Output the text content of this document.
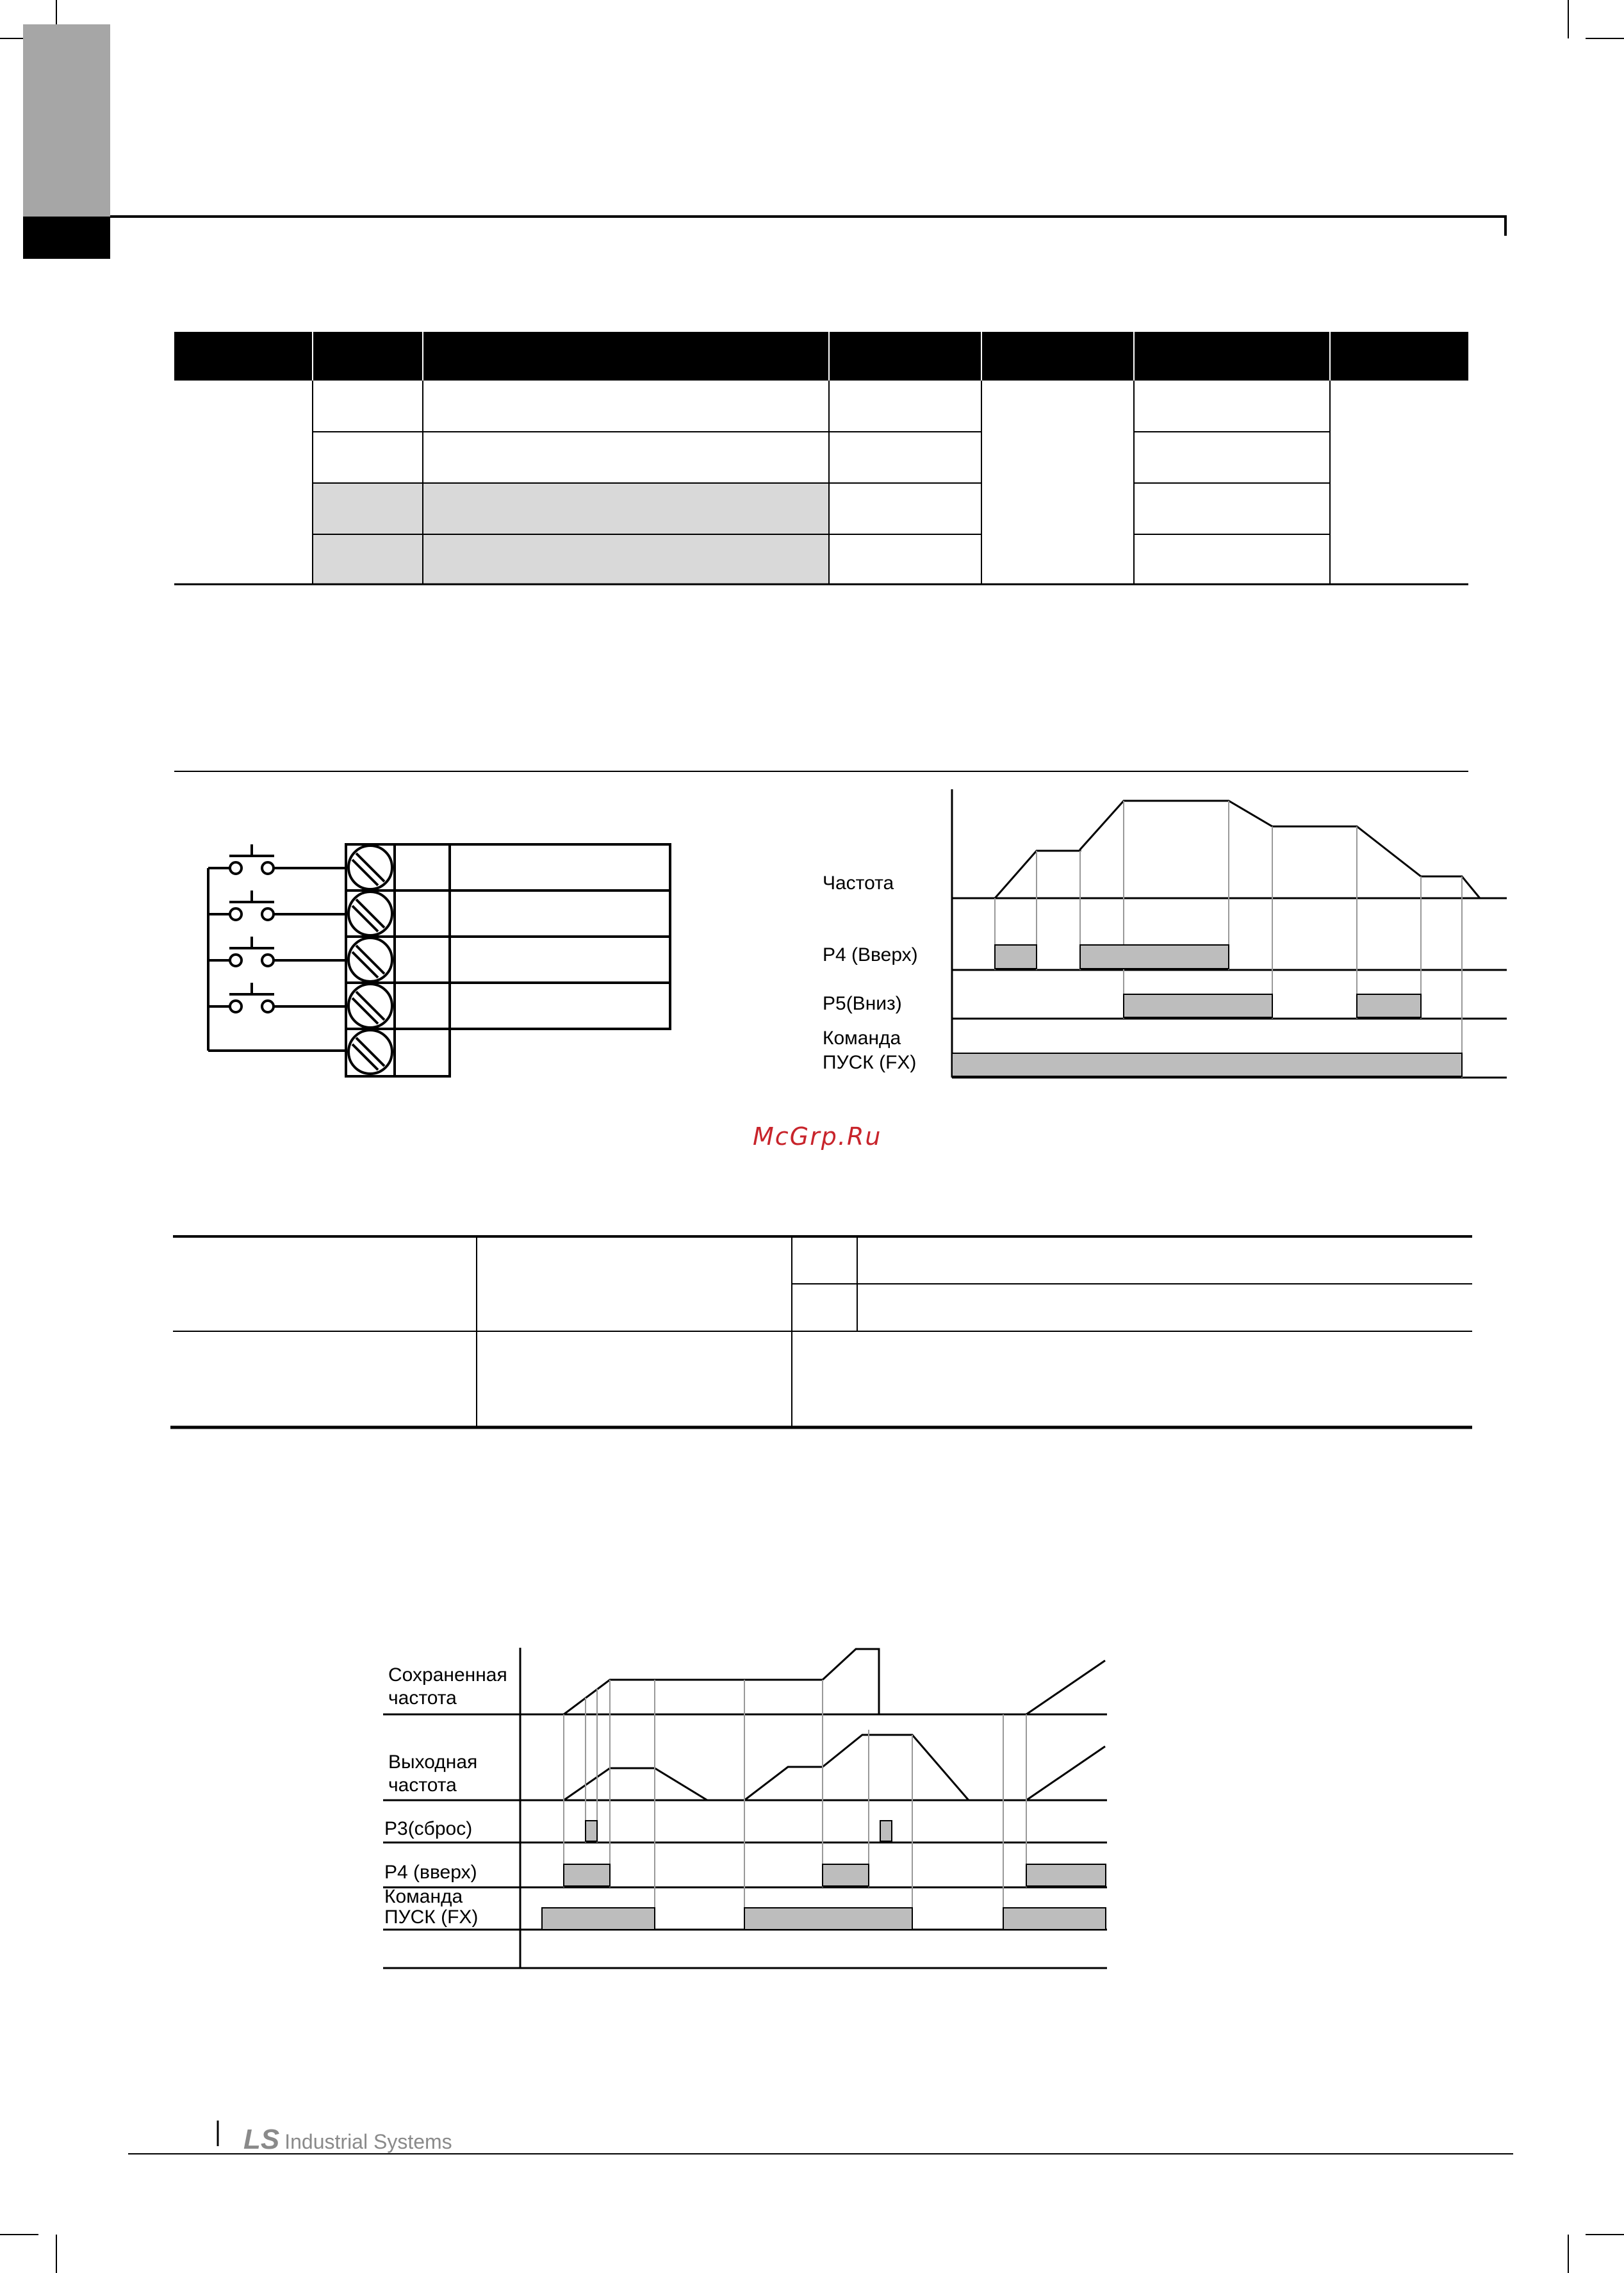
Частота
P4 (Вверх)
P5(Вниз)
Команда
ПУСК (FX)
Сохраненная
частота
Выходная
частота
P3(сброс)
P4 (вверх)
Команда
ПУСК (FX)
McGrp.Ru
LS Industrial Systems
